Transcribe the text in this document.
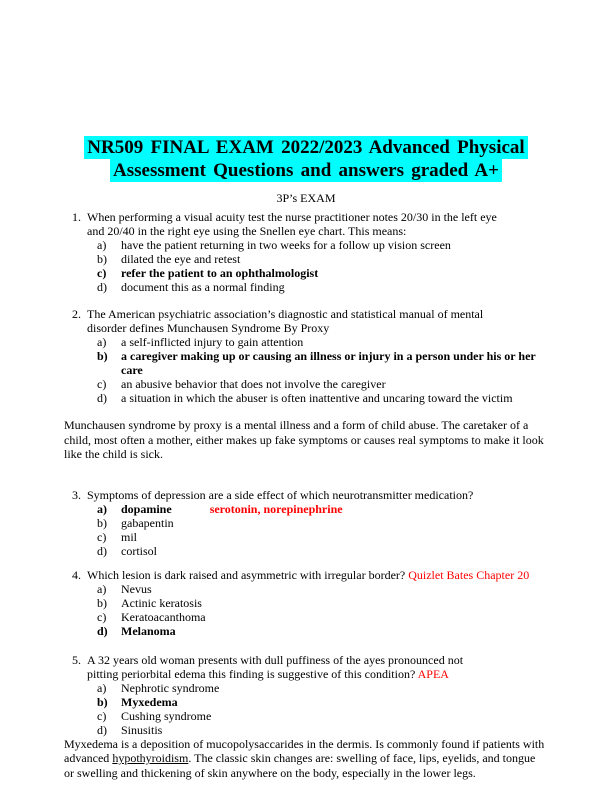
NR509 FINAL EXAM 2022/2023 Advanced Physical Assessment Questions and answers graded A+
3P’s EXAM
1. When performing a visual acuity test the nurse practitioner notes 20/30 in the left eye
and 20/40 in the right eye using the Snellen eye chart. This means:
a) have the patient returning in two weeks for a follow up vision screen
b) dilated the eye and retest
c) refer the patient to an ophthalmologist
d) document this as a normal finding
2. The American psychiatric association’s diagnostic and statistical manual of mental
disorder defines Munchausen Syndrome By Proxy
a) a self-inflicted injury to gain attention
b) a caregiver making up or causing an illness or injury in a person under his or her care
c) an abusive behavior that does not involve the caregiver
d) a situation in which the abuser is often inattentive and uncaring toward the victim

Munchausen syndrome by proxy is a mental illness and a form of child abuse. The caretaker of a child, most often a mother, either makes up fake symptoms or causes real symptoms to make it look like the child is sick.

3. Symptoms of depression are a side effect of which neurotransmitter medication?
a) dopamine	serotonin, norepinephrine
b) gabapentin
c) mil
d) cortisol
4. Which lesion is dark raised and asymmetric with irregular border? Quizlet Bates Chapter 20
a) Nevus
b) Actinic keratosis
c) Keratoacanthoma
d) Melanoma
5. A 32 years old woman presents with dull puffiness of the ayes pronounced not
pitting periorbital edema this finding is suggestive of this condition? APEA
a) Nephrotic syndrome
b) Myxedema
c) Cushing syndrome
d) Sinusitis

Myxedema is a deposition of mucopolysaccarides in the dermis. Is commonly found if patients with advanced hypothyroidism. The classic skin changes are: swelling of face, lips, eyelids, and tongue or swelling and thickening of skin anywhere on the body, especially in the lower legs.
